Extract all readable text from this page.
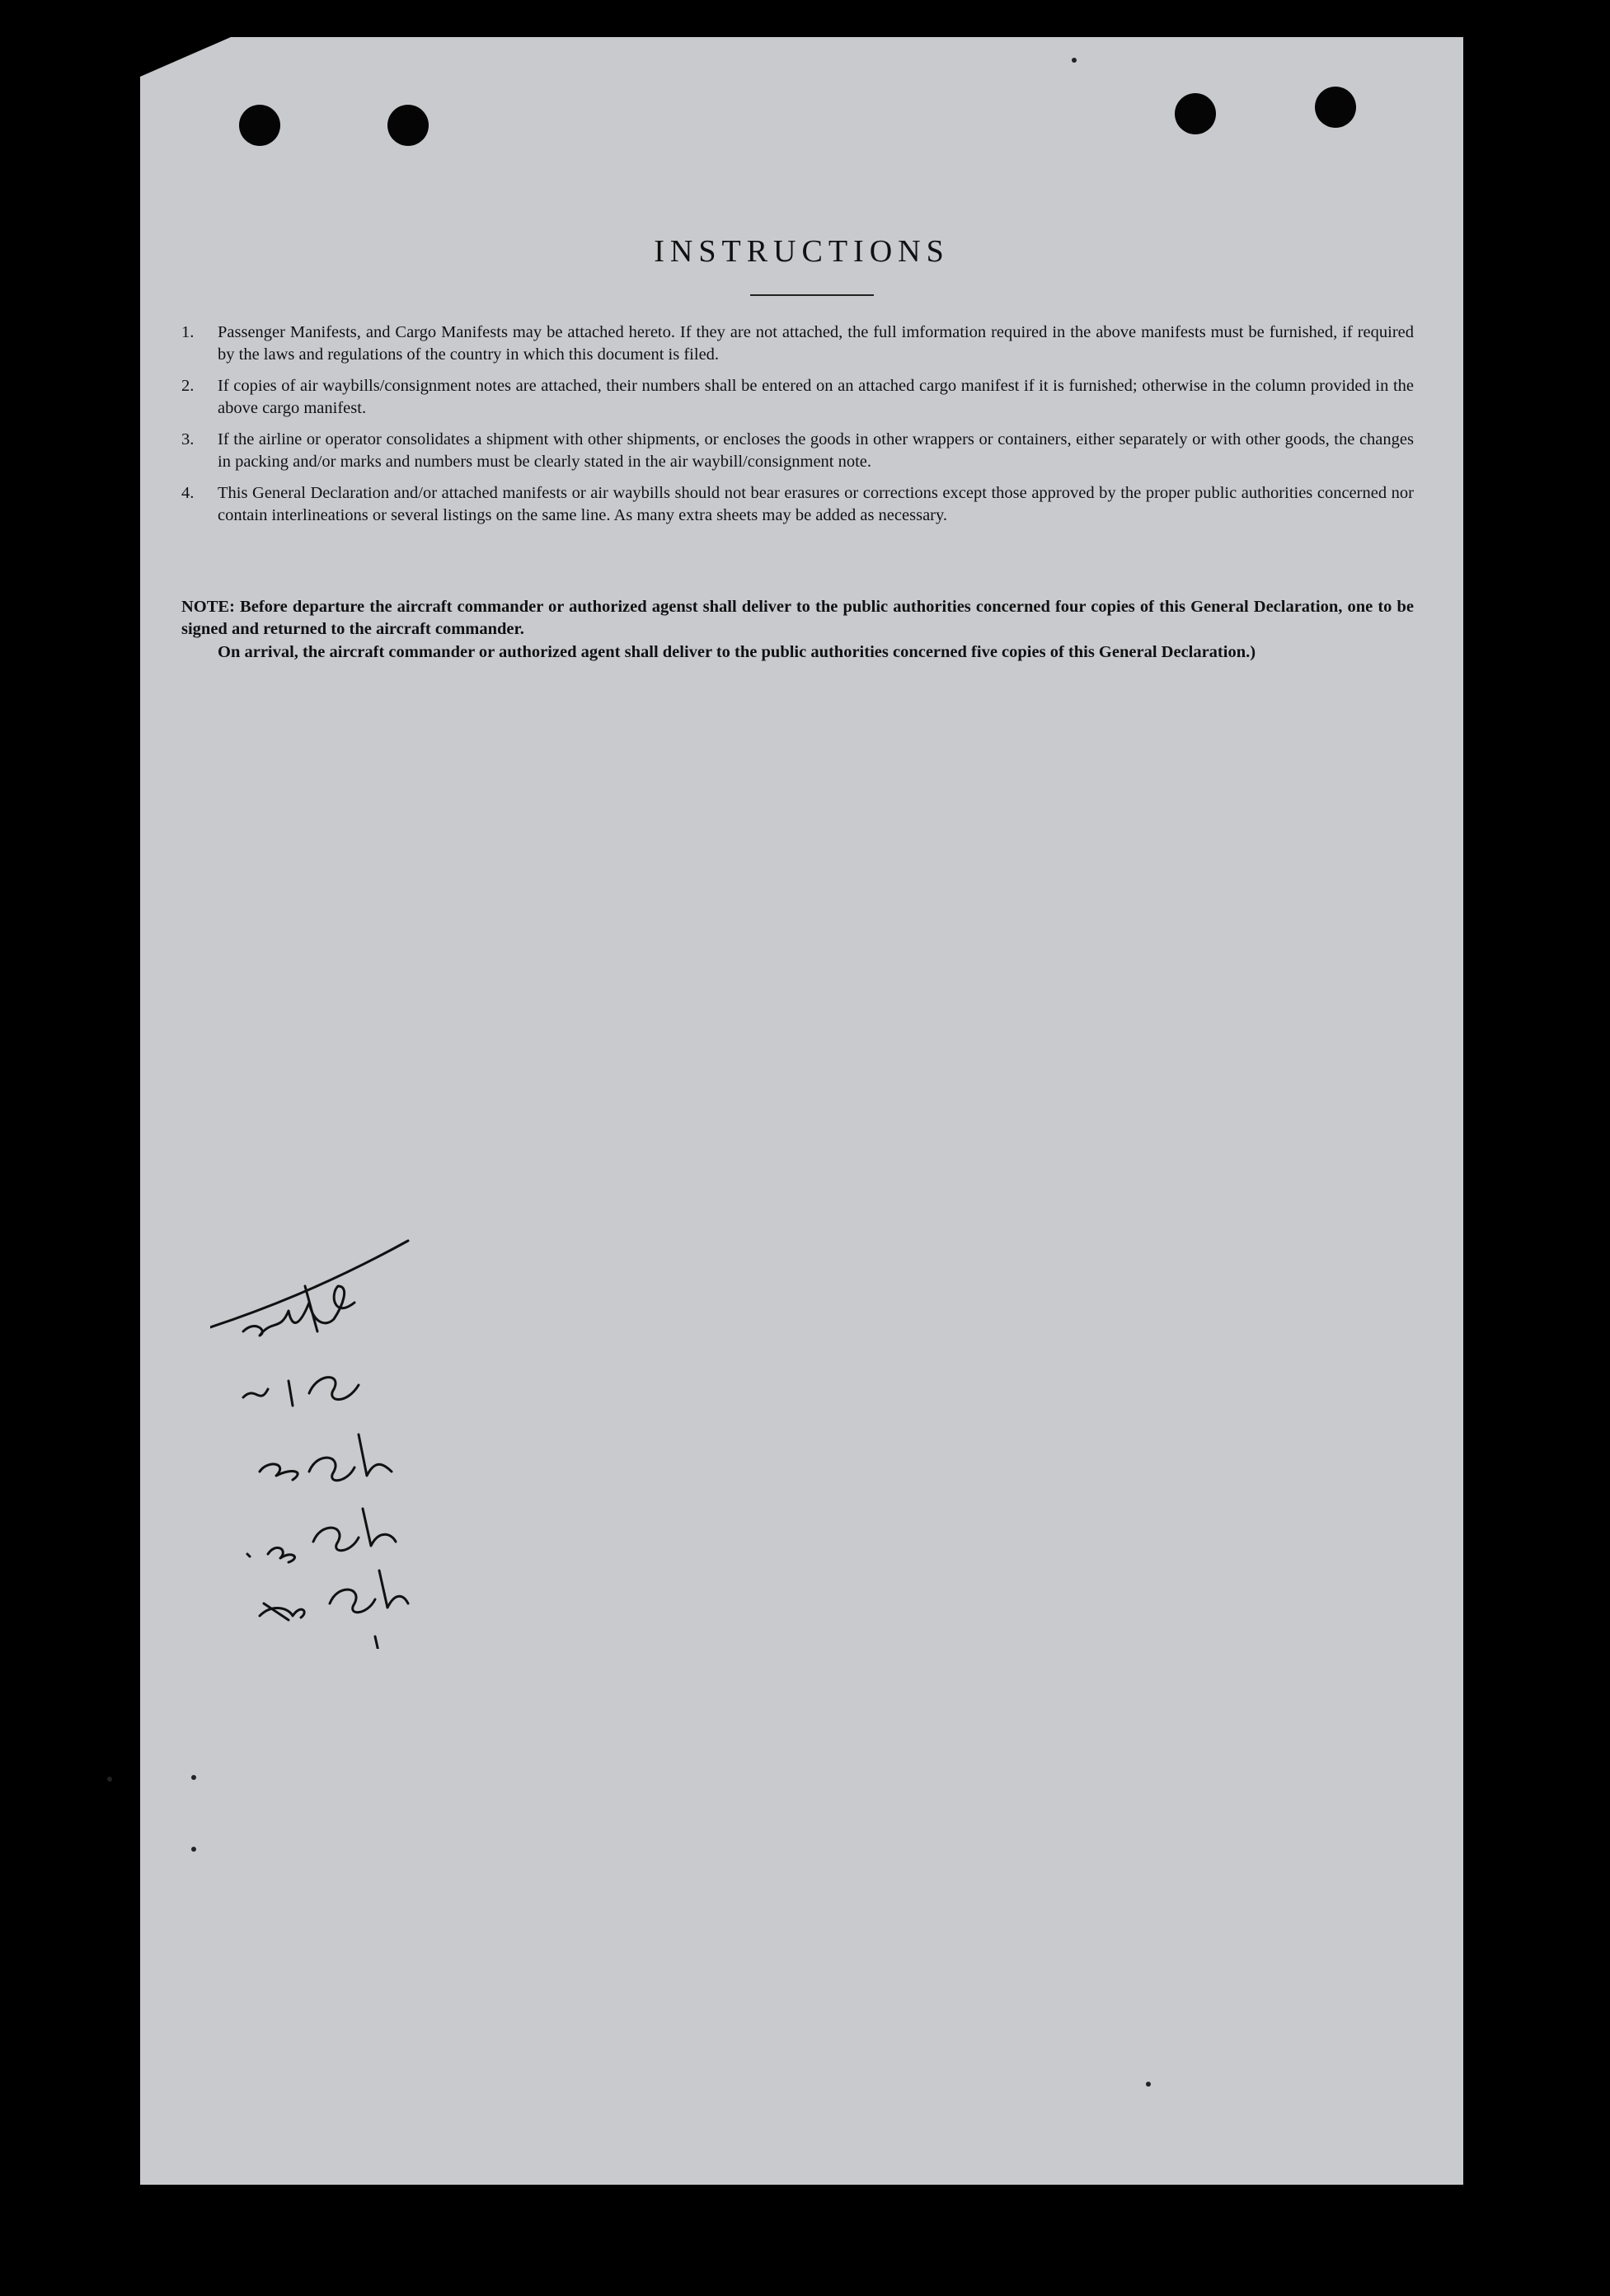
INSTRUCTIONS
1. Passenger Manifests, and Cargo Manifests may be attached hereto. If they are not attached, the full imformation required in the above manifests must be furnished, if required by the laws and regulations of the country in which this document is filed.
2. If copies of air waybills/consignment notes are attached, their numbers shall be entered on an attached cargo manifest if it is furnished; otherwise in the column provided in the above cargo manifest.
3. If the airline or operator consolidates a shipment with other shipments, or encloses the goods in other wrappers or containers, either separately or with other goods, the changes in packing and/or marks and numbers must be clearly stated in the air waybill/consignment note.
4. This General Declaration and/or attached manifests or air waybills should not bear erasures or corrections except those approved by the proper public authorities concerned nor contain interlineations or several listings on the same line. As many extra sheets may be added as necessary.

NOTE: Before departure the aircraft commander or authorized agenst shall deliver to the public authorities concerned four copies of this General Declaration, one to be signed and returned to the aircraft commander.

On arrival, the aircraft commander or authorized agent shall deliver to the public authorities concerned five copies of this General Declaration.)
